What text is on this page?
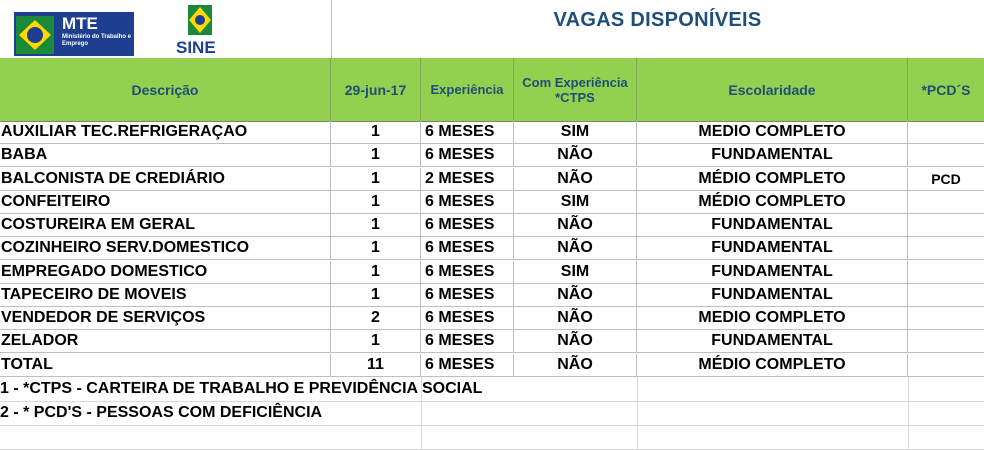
MTE
Ministério do Trabalho e Emprego	SINE
VAGAS DISPONÍVEIS
Descrição	29-jun-17	Experiência	Com Experiência *CTPS	Escolaridade	*PCD´S
AUXILIAR TEC.REFRIGERAÇAO	1	6 MESES	SIM	MEDIO COMPLETO
BABA	1	6 MESES	NÃO	FUNDAMENTAL
BALCONISTA DE CREDIÁRIO	1	2 MESES	NÃO	MÉDIO COMPLETO	PCD
CONFEITEIRO	1	6 MESES	SIM	MÉDIO COMPLETO
COSTUREIRA EM GERAL	1	6 MESES	NÃO	FUNDAMENTAL
COZINHEIRO SERV.DOMESTICO	1	6 MESES	NÃO	FUNDAMENTAL
EMPREGADO DOMESTICO	1	6 MESES	SIM	FUNDAMENTAL
TAPECEIRO DE MOVEIS	1	6 MESES	NÃO	FUNDAMENTAL
VENDEDOR DE SERVIÇOS	2	6 MESES	NÃO	MEDIO COMPLETO
ZELADOR	1	6 MESES	NÃO	FUNDAMENTAL
TOTAL	11	6 MESES	NÃO	MÉDIO COMPLETO
1 - *CTPS - CARTEIRA DE TRABALHO E PREVIDÊNCIA SOCIAL
2 - * PCD'S - PESSOAS COM DEFICIÊNCIA
